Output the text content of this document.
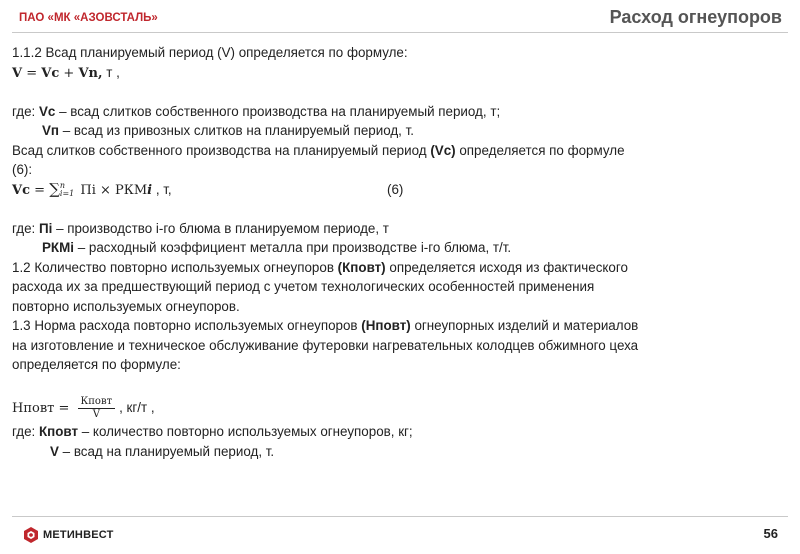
ПАО «МК «АЗОВСТАЛЬ»	Расход огнеупоров
1.1.2 Всад планируемый период (V) определяется по формуле:
V = Vс + Vn, т ,
где: Vс – всад слитков собственного производства на планируемый период, т;
Vп – всад из привозных слитков на планируемый период, т.
Всад слитков собственного производства на планируемый период (Vс) определяется по формуле
(6):
Vс = ∑n
i=1 Пi × РКМi , т,	(6)
где: Пi – производство i-го блюма в планируемом периоде, т
РКМi – расходный коэффициент металла при производстве i-го блюма, т/т.
1.2 Количество повторно используемых огнеупоров (Кповт) определяется исходя из фактического
расхода их за предшествующий период с учетом технологических особенностей применения
повторно используемых огнеупоров.
1.3 Норма расхода повторно используемых огнеупоров (Нповт) огнеупорных изделий и материалов
на изготовление и техническое обслуживание футеровки нагревательных колодцев обжимного цеха
определяется по формуле:
Нповт = $\frac{\text{Кповт}}{V}$ , кг/т ,
где: Кповт – количество повторно используемых огнеупоров, кг;
V – всад на планируемый период, т.
МЕТИНВЕСТ	56
